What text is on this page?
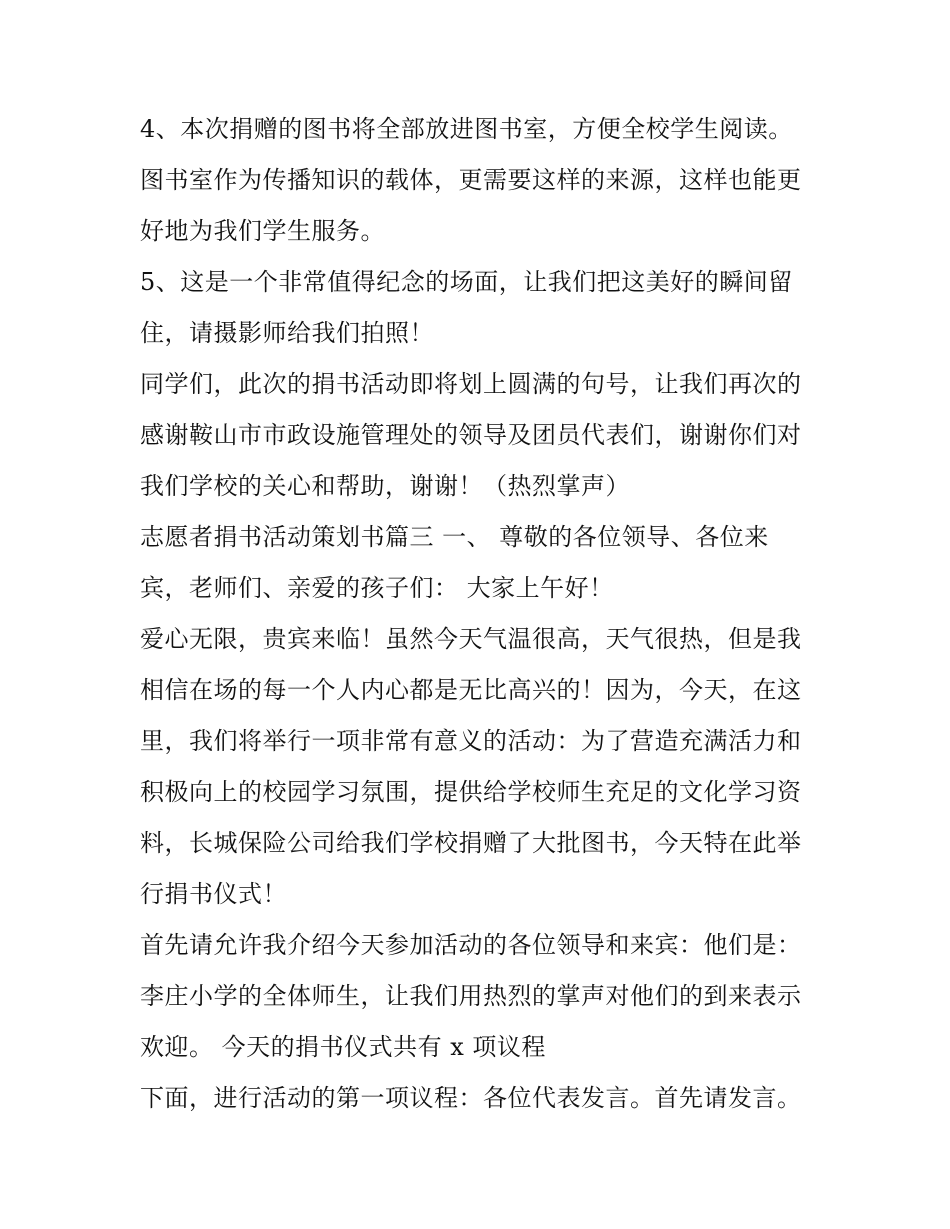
4、本次捐赠的图书将全部放进图书室，方便全校学生阅读。
图书室作为传播知识的载体，更需要这样的来源，这样也能更
好地为我们学生服务。
5、这是一个非常值得纪念的场面，让我们把这美好的瞬间留
住，请摄影师给我们拍照！
同学们，此次的捐书活动即将划上圆满的句号，让我们再次的
感谢鞍山市市政设施管理处的领导及团员代表们，谢谢你们对
我们学校的关心和帮助，谢谢！（热烈掌声）
志愿者捐书活动策划书篇三 一、 尊敬的各位领导、各位来
宾，老师们、亲爱的孩子们： 大家上午好！
爱心无限，贵宾来临！虽然今天气温很高，天气很热，但是我
相信在场的每一个人内心都是无比高兴的！因为，今天，在这
里，我们将举行一项非常有意义的活动：为了营造充满活力和
积极向上的校园学习氛围，提供给学校师生充足的文化学习资
料，长城保险公司给我们学校捐赠了大批图书，今天特在此举
行捐书仪式！
首先请允许我介绍今天参加活动的各位领导和来宾：他们是：
李庄小学的全体师生，让我们用热烈的掌声对他们的到来表示
欢迎。 今天的捐书仪式共有 x 项议程
下面，进行活动的第一项议程：各位代表发言。首先请发言。
